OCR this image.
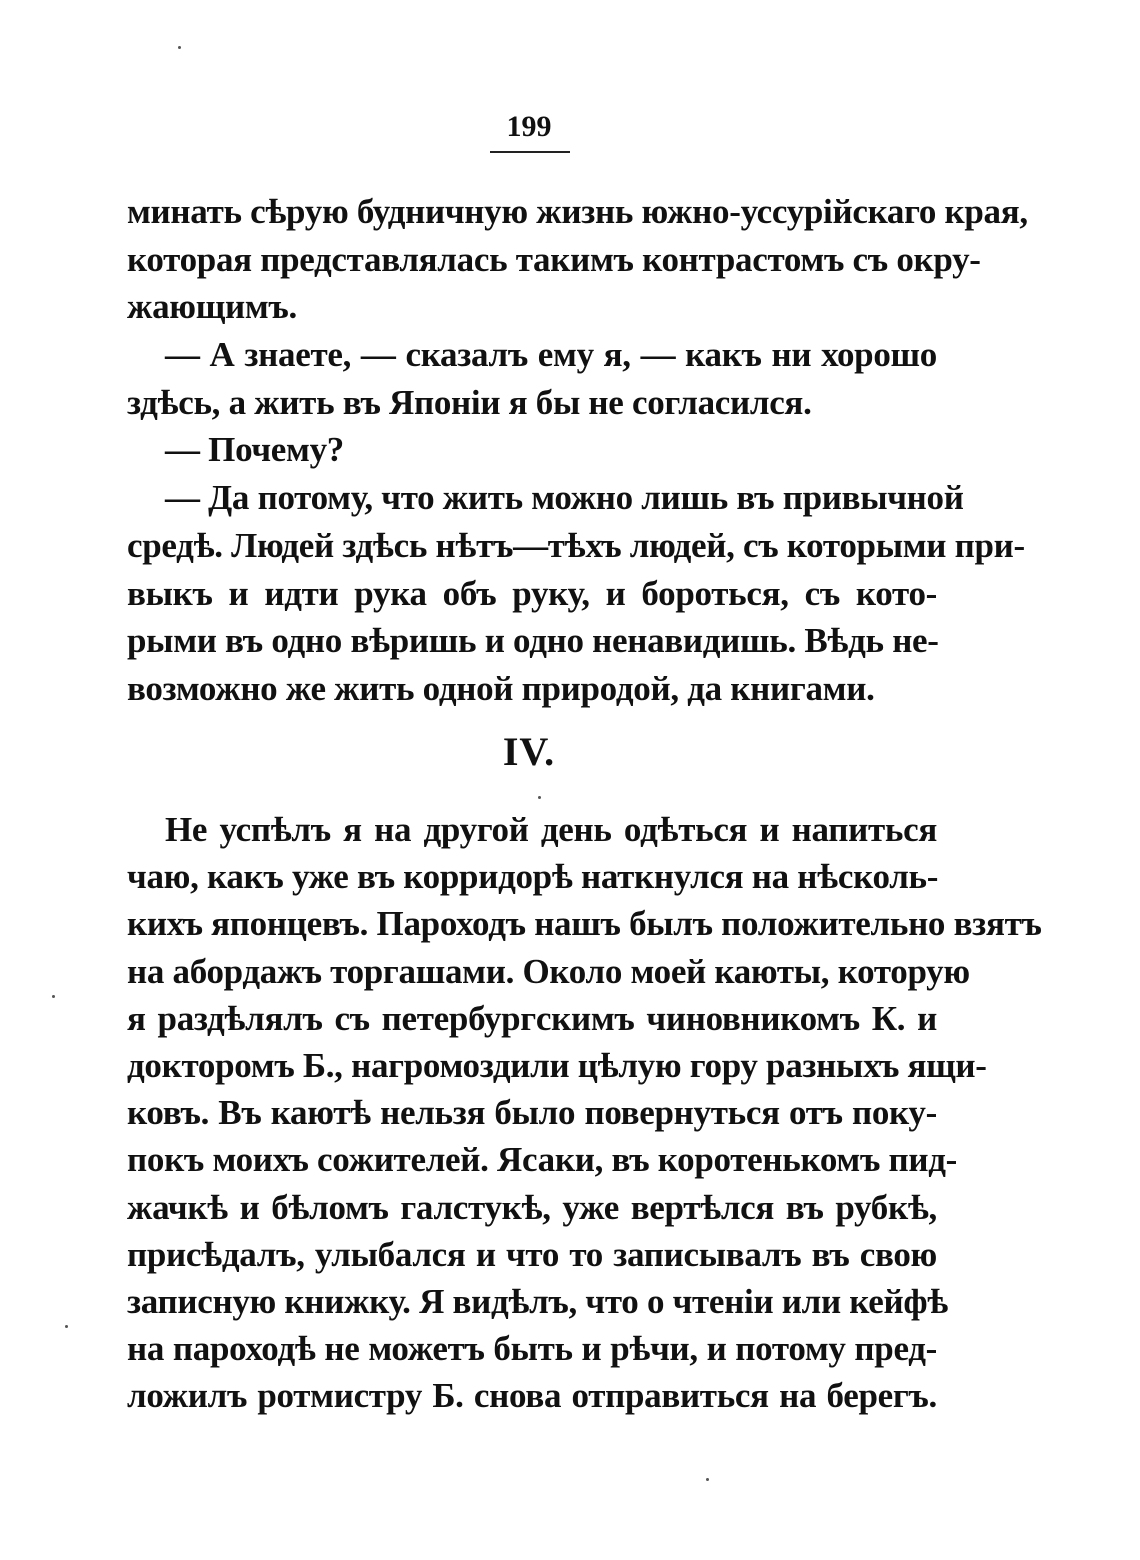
199
минать сѣрую будничную жизнь южно-уссурійскаго края,
которая представлялась такимъ контрастомъ съ окру-
жающимъ.
— А знаете, — сказалъ ему я, — какъ ни хорошо
здѣсь, а жить въ Японіи я бы не согласился.
— Почему?
— Да потому, что жить можно лишь въ привычной
средѣ. Людей здѣсь нѣтъ—тѣхъ людей, съ которыми при-
выкъ и идти рука объ руку, и бороться, съ кото-
рыми въ одно вѣришь и одно ненавидишь. Вѣдь не-
возможно же жить одной природой, да книгами.
IV.
Не успѣлъ я на другой день одѣться и напиться
чаю, какъ уже въ корридорѣ наткнулся на нѣсколь-
кихъ японцевъ. Пароходъ нашъ былъ положительно взятъ
на абордажъ торгашами. Около моей каюты, которую
я раздѣлялъ съ петербургскимъ чиновникомъ К. и
докторомъ Б., нагромоздили цѣлую гору разныхъ ящи-
ковъ. Въ каютѣ нельзя было повернуться отъ поку-
покъ моихъ сожителей. Ясаки, въ коротенькомъ пид-
жачкѣ и бѣломъ галстукѣ, уже вертѣлся въ рубкѣ,
присѣдалъ, улыбался и что то записывалъ въ свою
записную книжку. Я видѣлъ, что о чтеніи или кейфѣ
на пароходѣ не можетъ быть и рѣчи, и потому пред-
ложилъ ротмистру Б. снова отправиться на берегъ.
